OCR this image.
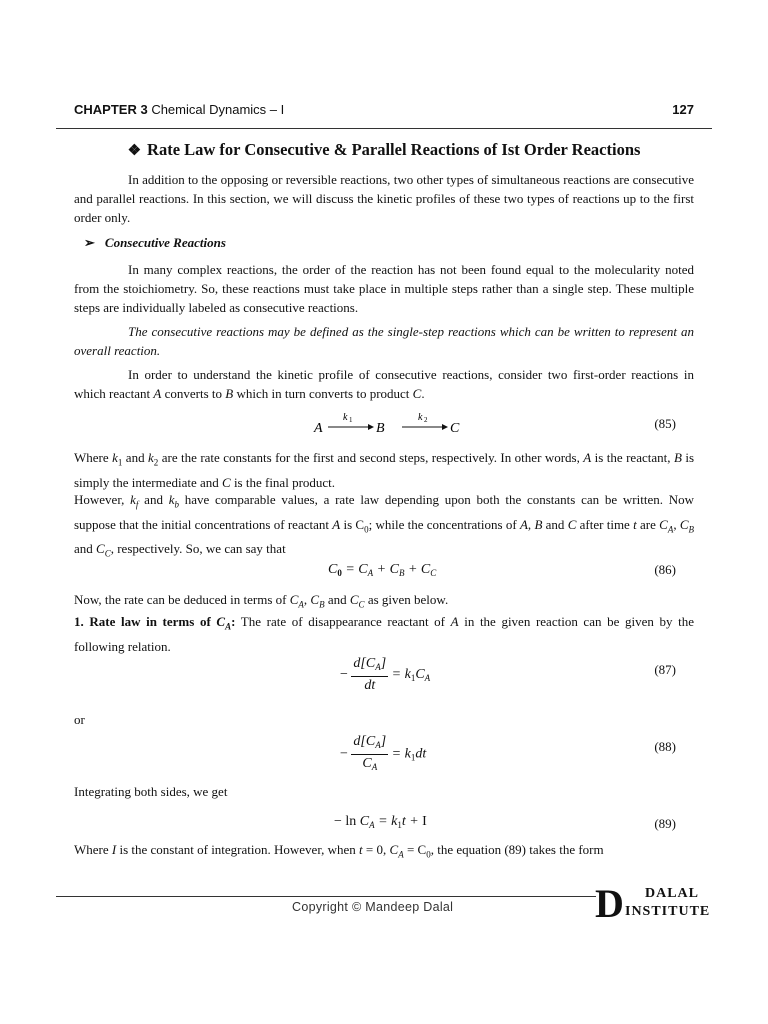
CHAPTER 3 Chemical Dynamics – I	127
❖ Rate Law for Consecutive & Parallel Reactions of Ist Order Reactions

In addition to the opposing or reversible reactions, two other types of simultaneous reactions are consecutive and parallel reactions. In this section, we will discuss the kinetic profiles of these two types of reactions up to the first order only.

➢ Consecutive Reactions

In many complex reactions, the order of the reaction has not been found equal to the molecularity noted from the stoichiometry. So, these reactions must take place in multiple steps rather than a single step. These multiple steps are individually labeled as consecutive reactions.

The consecutive reactions may be defined as the single-step reactions which can be written to represent an overall reaction.

In order to understand the kinetic profile of consecutive reactions, consider two first-order reactions in which reactant A converts to B which in turn converts to product C.

A
k 1
B
k 2
C	(85)

Where $k_1$ and $k_2$ are the rate constants for the first and second steps, respectively. In other words, A is the reactant, B is simply the intermediate and C is the final product.

However, $k_f$ and $k_b$ have comparable values, a rate law depending upon both the constants can be written. Now suppose that the initial concentrations of reactant A is $C_0$; while the concentrations of A, B and C after time t are $C_A$, $C_B$ and $C_C$, respectively. So, we can say that

$C_0 = C_A + C_B + C_C$	(86)

Now, the rate can be deduced in terms of $C_A$, $C_B$ and $C_C$ as given below.

1. Rate law in terms of $C_A$: The rate of disappearance reactant of A in the given reaction can be given by the following relation.

− $\frac{d[C_A]}{dt} = k_1C_A$
(87)

or

− $\frac{d[C_A]}{C_A} = k_1dt$
(88)

Integrating both sides, we get

− $\ln C_A = k_1t + I$	(89)

Where I is the constant of integration. However, when t = 0, $C_A = C_0$, the equation (89) takes the form

Copyright © Mandeep Dalal	D DALAL
INSTITUTE
